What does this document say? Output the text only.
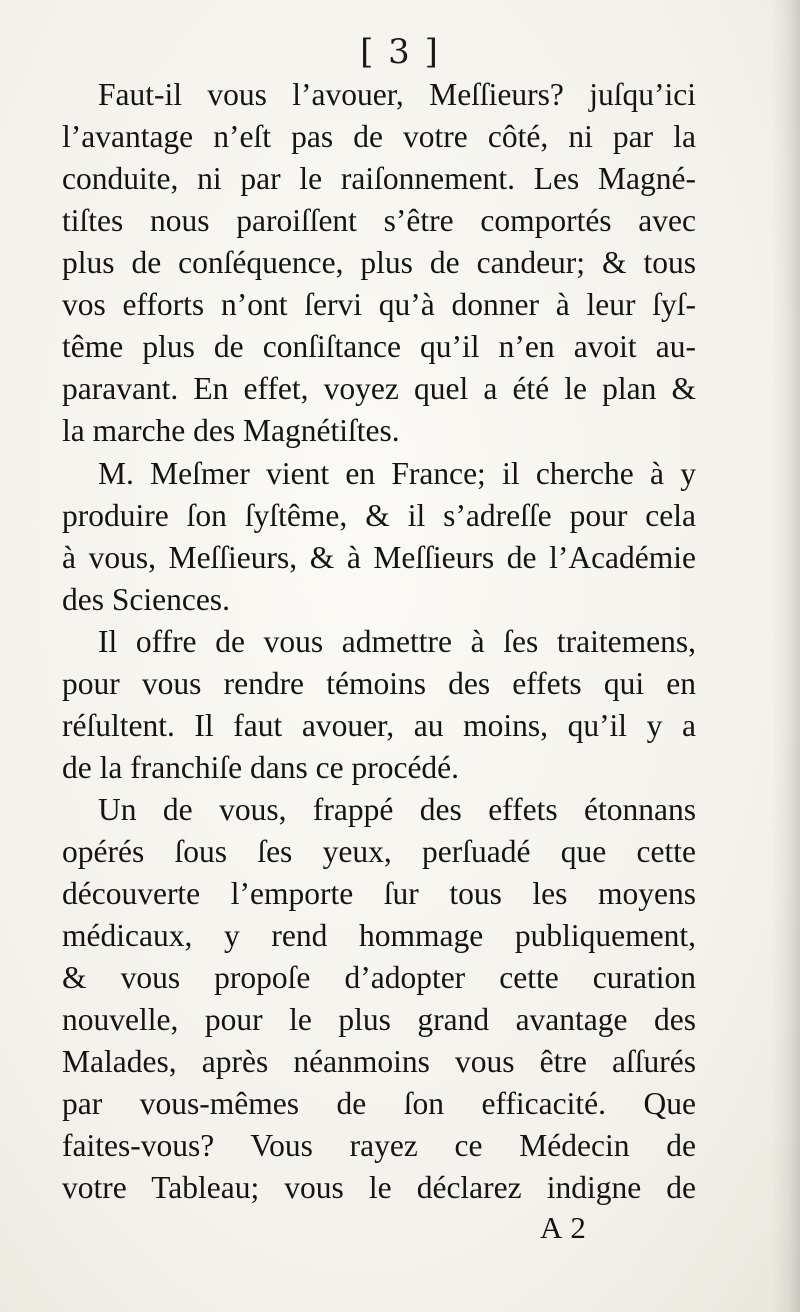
[ 3 ]
Faut-il vous l’avouer, Meſſieurs? juſqu’ici
l’avantage n’eſt pas de votre côté, ni par la
conduite, ni par le raiſonnement. Les Magné-
tiſtes nous paroiſſent s’être comportés avec
plus de conſéquence, plus de candeur; & tous
vos efforts n’ont ſervi qu’à donner à leur ſyſ-
tême plus de conſiſtance qu’il n’en avoit au-
paravant. En effet, voyez quel a été le plan &
la marche des Magnétiſtes.
M. Meſmer vient en France; il cherche à y
produire ſon ſyſtême, & il s’adreſſe pour cela
à vous, Meſſieurs, & à Meſſieurs de l’Académie
des Sciences.
Il offre de vous admettre à ſes traitemens,
pour vous rendre témoins des effets qui en
réſultent. Il faut avouer, au moins, qu’il y a
de la franchiſe dans ce procédé.
Un de vous, frappé des effets étonnans
opérés ſous ſes yeux, perſuadé que cette
découverte l’emporte ſur tous les moyens
médicaux, y rend hommage publiquement,
& vous propoſe d’adopter cette curation
nouvelle, pour le plus grand avantage des
Malades, après néanmoins vous être aſſurés
par vous-mêmes de ſon efficacité. Que
faites-vous? Vous rayez ce Médecin de
votre Tableau; vous le déclarez indigne de
A 2
